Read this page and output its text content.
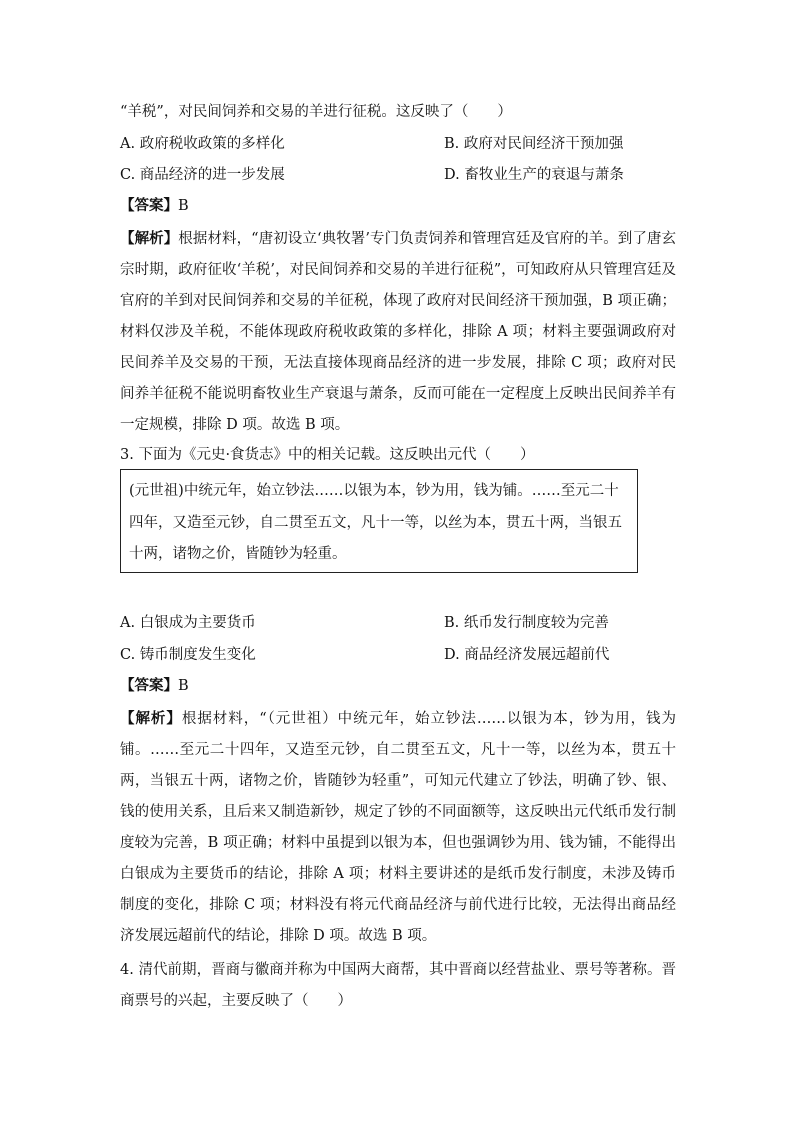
“羊税”，对民间饲养和交易的羊进行征税。这反映了（　　）
A. 政府税收政策的多样化	B. 政府对民间经济干预加强
C. 商品经济的进一步发展	D. 畜牧业生产的衰退与萧条
【答案】B
【解析】根据材料，“唐初设立‘典牧署’专门负责饲养和管理宫廷及官府的羊。到了唐玄宗时期，政府征收‘羊税’，对民间饲养和交易的羊进行征税”，可知政府从只管理宫廷及官府的羊到对民间饲养和交易的羊征税，体现了政府对民间经济干预加强，B 项正确；材料仅涉及羊税，不能体现政府税收政策的多样化，排除 A 项；材料主要强调政府对民间养羊及交易的干预，无法直接体现商品经济的进一步发展，排除 C 项；政府对民间养羊征税不能说明畜牧业生产衰退与萧条，反而可能在一定程度上反映出民间养羊有一定规模，排除 D 项。故选 B 项。
3. 下面为《元史·食货志》中的相关记载。这反映出元代（　　）
(元世祖)中统元年，始立钞法……以银为本，钞为用，钱为铺。……至元二十四年，又造至元钞，自二贯至五文，凡十一等，以丝为本，贯五十两，当银五十两，诸物之价，皆随钞为轻重。
A. 白银成为主要货币	B. 纸币发行制度较为完善
C. 铸币制度发生变化	D. 商品经济发展远超前代
【答案】B
【解析】根据材料，“（元世祖）中统元年，始立钞法……以银为本，钞为用，钱为铺。……至元二十四年，又造至元钞，自二贯至五文，凡十一等，以丝为本，贯五十两，当银五十两，诸物之价，皆随钞为轻重”，可知元代建立了钞法，明确了钞、银、钱的使用关系，且后来又制造新钞，规定了钞的不同面额等，这反映出元代纸币发行制度较为完善，B 项正确；材料中虽提到以银为本，但也强调钞为用、钱为铺，不能得出白银成为主要货币的结论，排除 A 项；材料主要讲述的是纸币发行制度，未涉及铸币制度的变化，排除 C 项；材料没有将元代商品经济与前代进行比较，无法得出商品经济发展远超前代的结论，排除 D 项。故选 B 项。
4. 清代前期，晋商与徽商并称为中国两大商帮，其中晋商以经营盐业、票号等著称。晋商票号的兴起，主要反映了（　　）
